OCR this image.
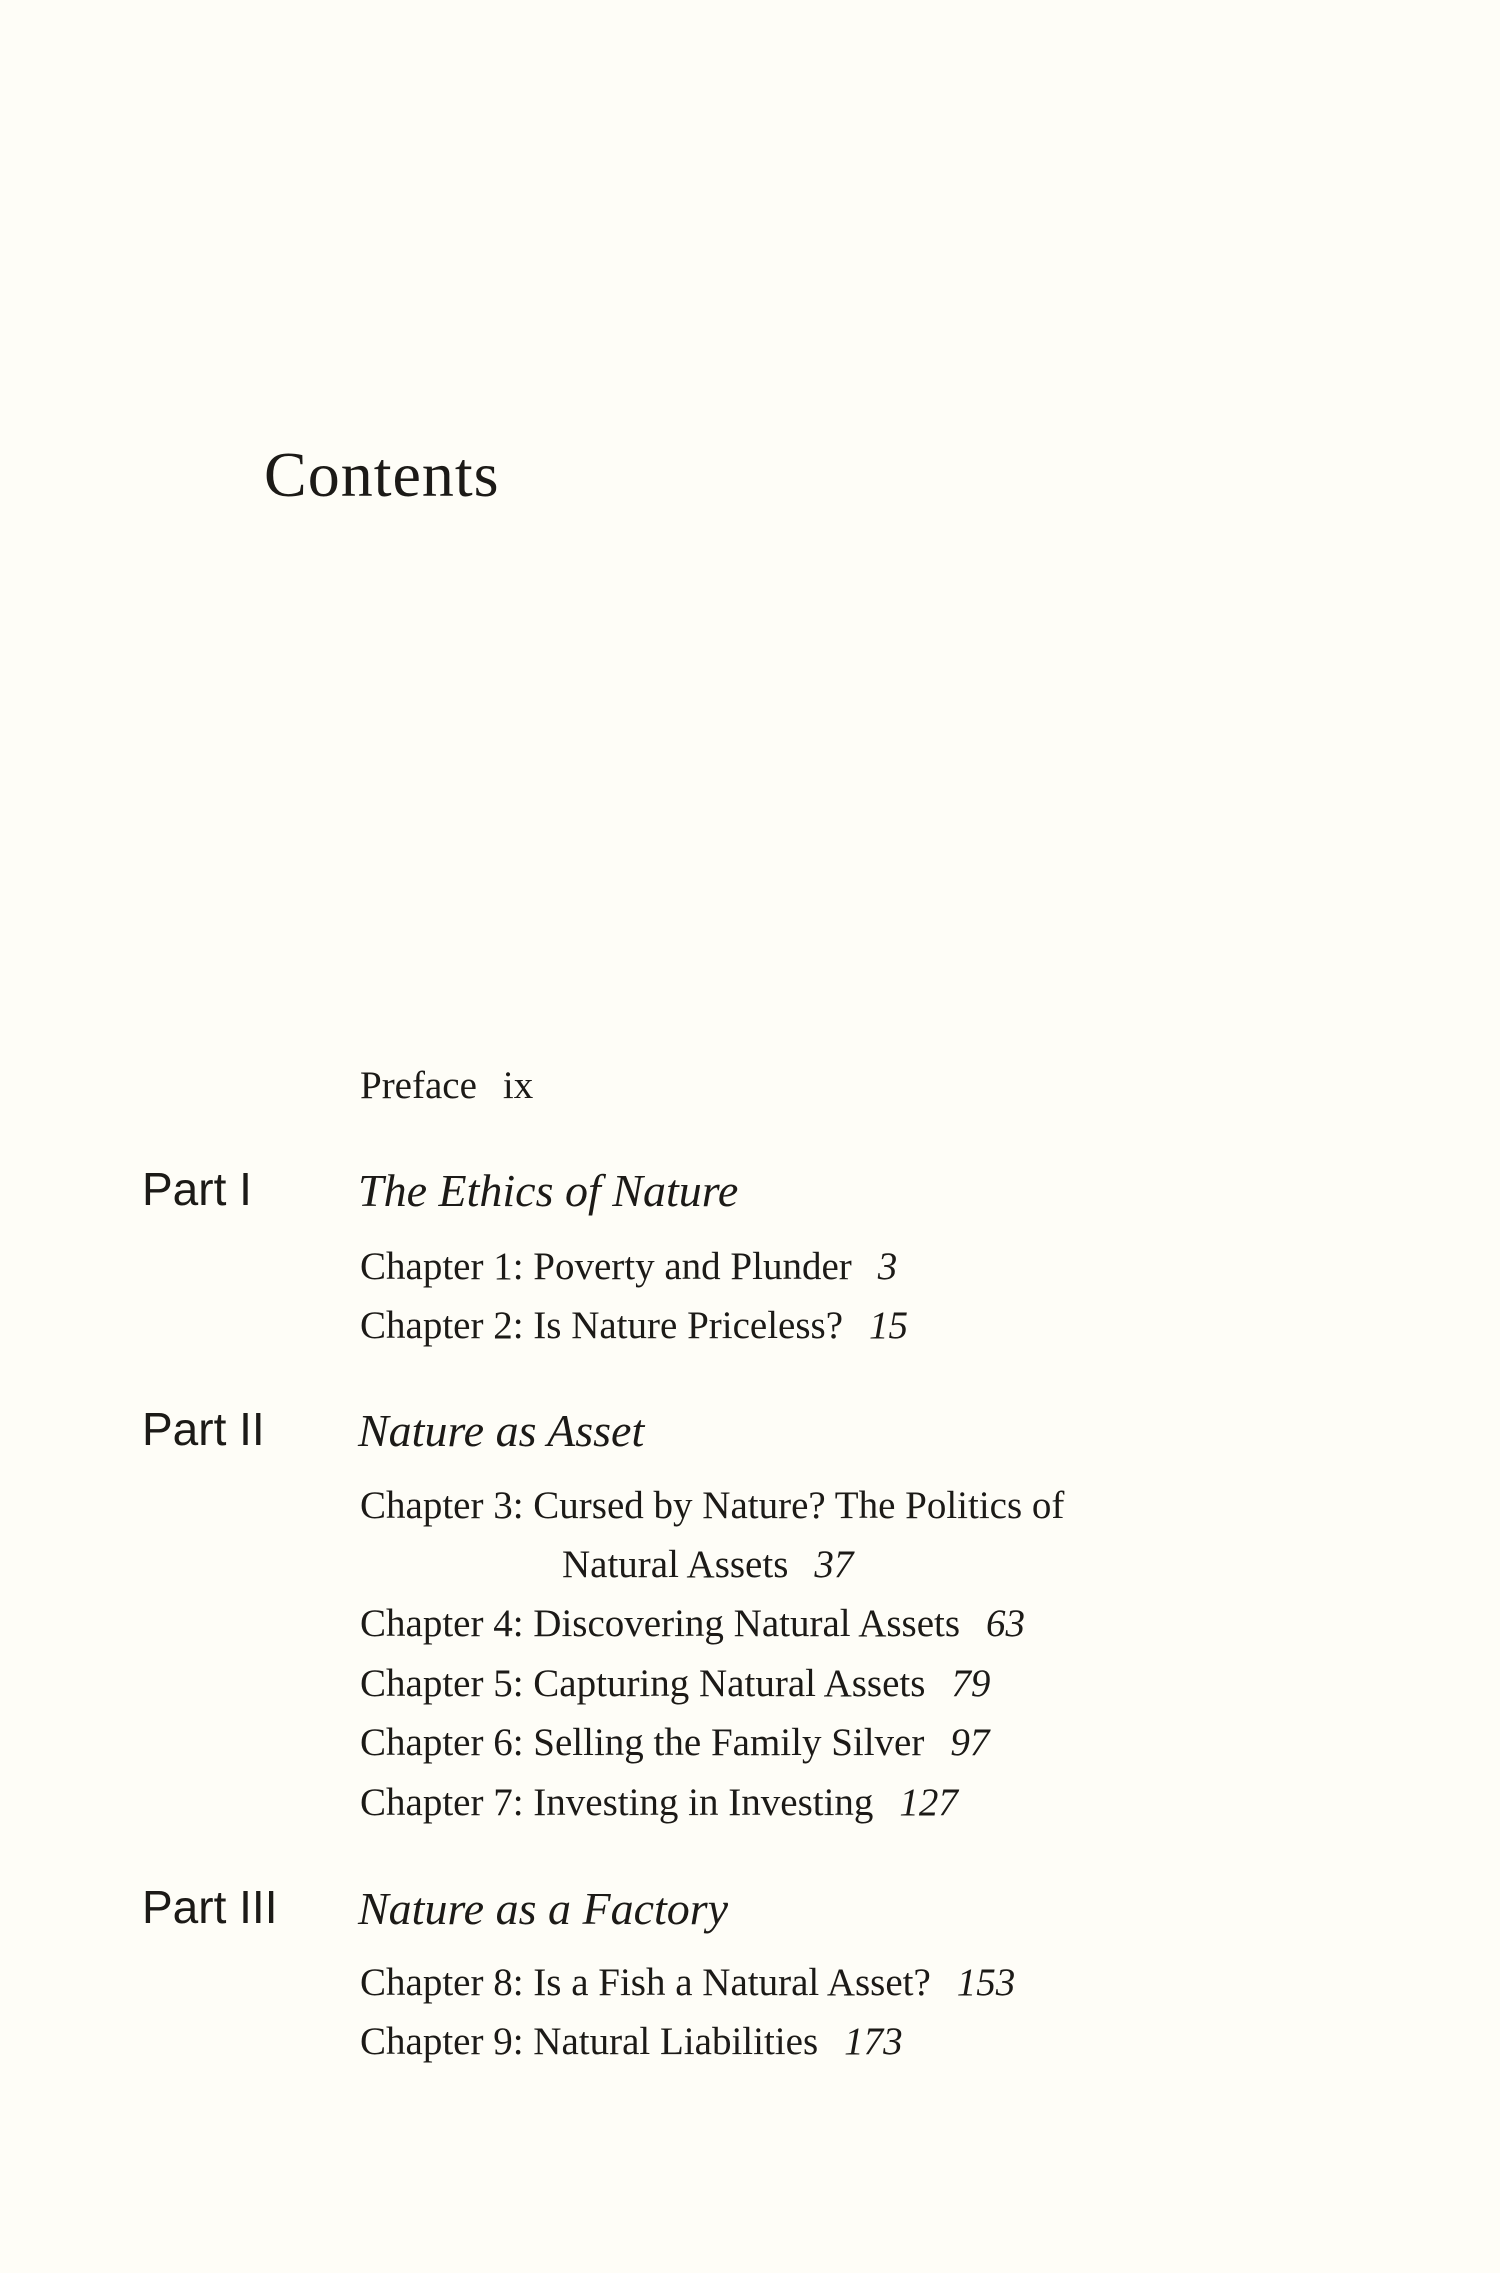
Contents
Preface ix
Part I The Ethics of Nature
Chapter 1: Poverty and Plunder 3
Chapter 2: Is Nature Priceless? 15
Part II Nature as Asset
Chapter 3: Cursed by Nature? The Politics of
Natural Assets 37
Chapter 4: Discovering Natural Assets 63
Chapter 5: Capturing Natural Assets 79
Chapter 6: Selling the Family Silver 97
Chapter 7: Investing in Investing 127
Part III Nature as a Factory
Chapter 8: Is a Fish a Natural Asset? 153
Chapter 9: Natural Liabilities 173
